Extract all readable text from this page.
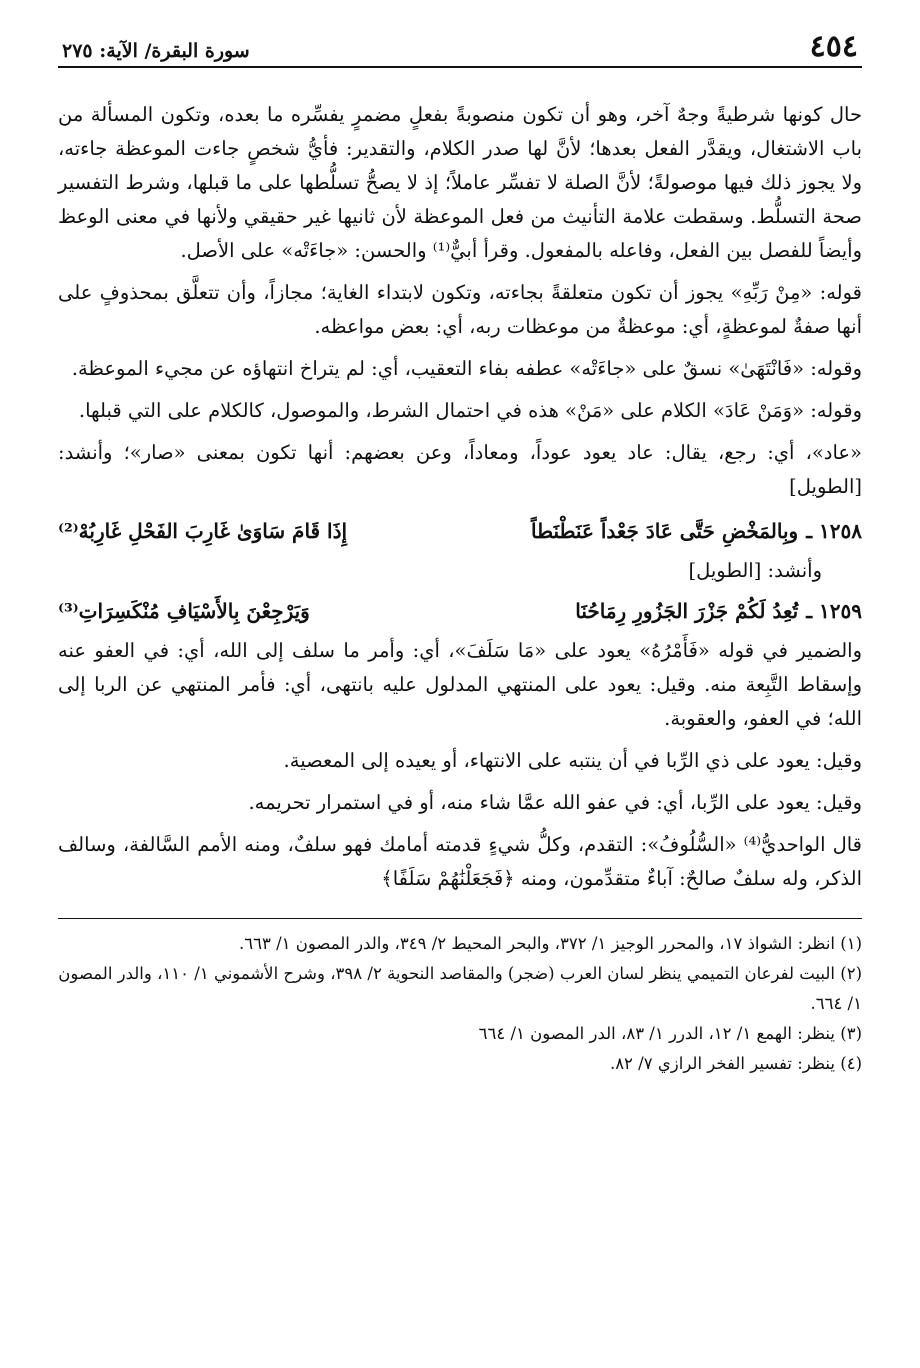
٤٥٤
سورة البقرة/ الآية: ٢٧٥

حال كونها شرطيةً وجهٌ آخر، وهو أن تكون منصوبةً بفعلٍ مضمرٍ يفسِّره ما بعده، وتكون المسألة من باب الاشتغال، ويقدَّر الفعل بعدها؛ لأنَّ لها صدر الكلام، والتقدير: فأيُّ شخصٍ جاءت الموعظة جاءته، ولا يجوز ذلك فيها موصولةً؛ لأنَّ الصلة لا تفسِّر عاملاً؛ إذ لا يصحُّ تسلُّطها على ما قبلها، وشرط التفسير صحة التسلُّط. وسقطت علامة التأنيث من فعل الموعظة لأن ثانيها غير حقيقي ولأنها في معنى الوعظ وأيضاً للفصل بين الفعل، وفاعله بالمفعول. وقرأ أبيٌّ⁽¹⁾ والحسن: «جاءَتْه» على الأصل.

قوله: «مِنْ رَبِّهِ» يجوز أن تكون متعلقةً بجاءته، وتكون لابتداء الغاية؛ مجازاً، وأن تتعلَّق بمحذوفٍ على أنها صفةٌ لموعظةٍ، أي: موعظةٌ من موعظات ربه، أي: بعض مواعظه.

وقوله: «فَانْتَهَىٰ» نسقٌ على «جاءَتْه» عطفه بفاء التعقيب، أي: لم يتراخ انتهاؤه عن مجيء الموعظة.

وقوله: «وَمَنْ عَادَ» الكلام على «مَنْ» هذه في احتمال الشرط، والموصول، كالكلام على التي قبلها.

«عاد»، أي: رجع، يقال: عاد يعود عوداً، ومعاداً، وعن بعضهم: أنها تكون بمعنى «صار»؛ وأنشد: [الطويل]

١٢٥٨ ـ
وبِالمَخْضِ حَتَّى عَادَ جَعْداً عَنَطْنَطاً
إِذَا قَامَ سَاوَىٰ غَارِبَ الفَحْلِ غَارِبُهْ⁽²⁾
وأنشد: [الطويل]
١٢٥٩ ـ
تُعِدُ لَكُمْ جَزْرَ الجَزُورِ رِمَاحُنَا
وَيَرْجِعْنَ بِالأَسْيَافِ مُنْكَسِرَاتِ⁽³⁾

والضمير في قوله «فَأَمْرُهُ» يعود على «مَا سَلَفَ»، أي: وأمر ما سلف إلى الله، أي: في العفو عنه وإسقاط التَّبِعة منه. وقيل: يعود على المنتهي المدلول عليه بانتهى، أي: فأمر المنتهي عن الربا إلى الله؛ في العفو، والعقوبة.

وقيل: يعود على ذي الرِّبا في أن ينتبه على الانتهاء، أو يعيده إلى المعصية.

وقيل: يعود على الرِّبا، أي: في عفو الله عمَّا شاء منه، أو في استمرار تحريمه.

قال الواحديُّ⁽⁴⁾ «السُّلُوفُ»: التقدم، وكلُّ شيءٍ قدمته أمامك فهو سلفٌ، ومنه الأمم السَّالفة، وسالف الذكر، وله سلفٌ صالحٌ: آباءٌ متقدِّمون، ومنه ﴿فَجَعَلْنَٰهُمْ سَلَفًا﴾

(١) انظر: الشواذ ١٧، والمحرر الوجيز ١/ ٣٧٢، والبحر المحيط ٢/ ٣٤٩، والدر المصون ١/ ٦٦٣.

(٢) البيت لفرعان التميمي ينظر لسان العرب (ضجر) والمقاصد النحوية ٢/ ٣٩٨، وشرح الأشموني ١/ ١١٠، والدر المصون ١/ ٦٦٤.

(٣) ينظر: الهمع ١/ ١٢، الدرر ١/ ٨٣، الدر المصون ١/ ٦٦٤

(٤) ينظر: تفسير الفخر الرازي ٧/ ٨٢.
